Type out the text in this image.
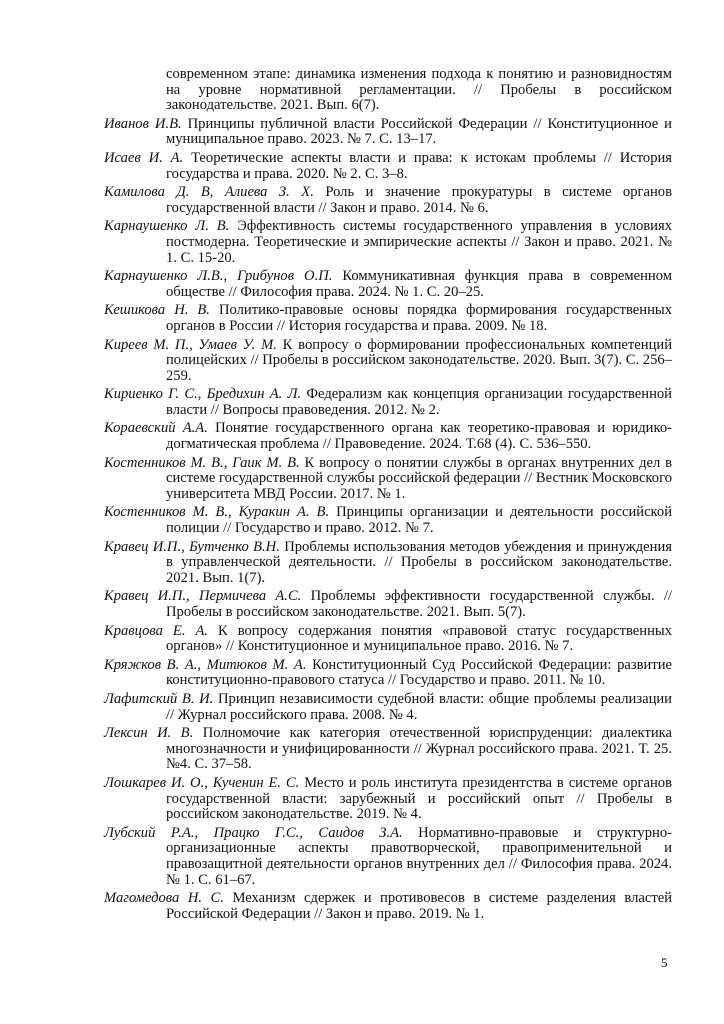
современном этапе: динамика изменения подхода к понятию и разновидностям на уровне нормативной регламентации. // Пробелы в российском законодательстве. 2021. Вып. 6(7).

Иванов И.В. Принципы публичной власти Российской Федерации // Конституционное и муниципальное право. 2023. № 7. С. 13–17.

Исаев И. А. Теоретические аспекты власти и права: к истокам проблемы // История государства и права. 2020. № 2. С. 3–8.

Камилова Д. В, Алиева З. Х. Роль и значение прокуратуры в системе органов государственной власти // Закон и право. 2014. № 6.

Карнаушенко Л. В. Эффективность системы государственного управления в условиях постмодерна. Теоретические и эмпирические аспекты // Закон и право. 2021. № 1. С. 15-20.

Карнаушенко Л.В., Грибунов О.П. Коммуникативная функция права в современном обществе // Философия права. 2024. № 1. С. 20–25.

Кешикова Н. В. Политико-правовые основы порядка формирования государственных органов в России // История государства и права. 2009. № 18.

Киреев М. П., Умаев У. М. К вопросу о формировании профессиональных компетенций полицейских // Пробелы в российском законодательстве. 2020. Вып. 3(7). С. 256–259.

Кириенко Г. С., Бредихин А. Л. Федерализм как концепция организации государственной власти // Вопросы правоведения. 2012. № 2.

Кораевский А.А. Понятие государственного органа как теоретико-правовая и юридико-догматическая проблема // Правоведение. 2024. Т.68 (4). С. 536–550.

Костенников М. В., Гаик М. В. К вопросу о понятии службы в органах внутренних дел в системе государственной службы российской федерации // Вестник Московского университета МВД России. 2017. № 1.

Костенников М. В., Куракин А. В. Принципы организации и деятельности российской полиции // Государство и право. 2012. № 7.

Кравец И.П., Бутченко В.Н. Проблемы использования методов убеждения и принуждения в управленческой деятельности. // Пробелы в российском законодательстве. 2021. Вып. 1(7).

Кравец И.П., Пермичева А.С. Проблемы эффективности государственной службы. // Пробелы в российском законодательстве. 2021. Вып. 5(7).

Кравцова Е. А. К вопросу содержания понятия «правовой статус государственных органов» // Конституционное и муниципальное право. 2016. № 7.

Кряжков В. А., Митюков М. А. Конституционный Суд Российской Федерации: развитие конституционно-правового статуса // Государство и право. 2011. № 10.

Лафитский В. И. Принцип независимости судебной власти: общие проблемы реализации // Журнал российского права. 2008. № 4.

Лексин И. В. Полномочие как категория отечественной юриспруденции: диалектика многозначности и унифицированности // Журнал российского права. 2021. Т. 25. №4. С. 37–58.

Лошкарев И. О., Кученин Е. С. Место и роль института президентства в системе органов государственной власти: зарубежный и российский опыт // Пробелы в российском законодательстве. 2019. № 4.

Лубский Р.А., Працко Г.С., Саидов З.А. Нормативно-правовые и структурно-организационные аспекты правотворческой, правоприменительной и правозащитной деятельности органов внутренних дел // Философия права. 2024. № 1. С. 61–67.

Магомедова Н. С. Механизм сдержек и противовесов в системе разделения властей Российской Федерации // Закон и право. 2019. № 1.

5
